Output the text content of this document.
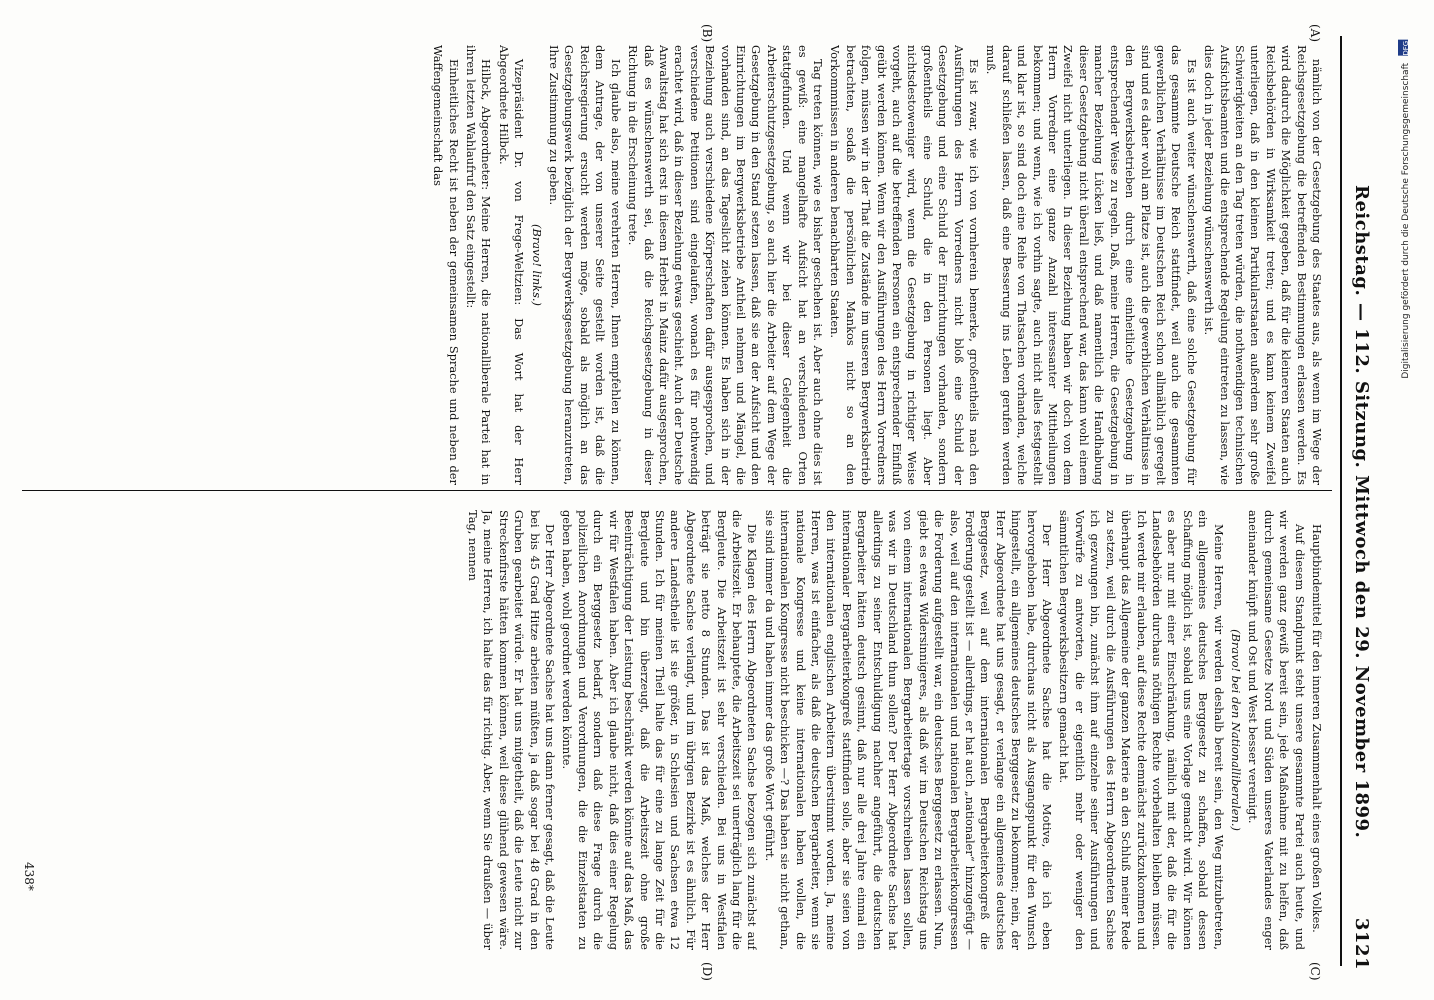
Reichstag. — 112. Sitzung. Mittwoch den 29. November 1899.
3121
(A)
(B)
(C)
(D)

nämlich von der Gesetzgebung des Staates aus, als wenn im Wege der Reichsgesetzgebung die betreffenden Bestimmungen erlassen werden. Es wird dadurch die Möglichkeit gegeben, daß für die kleineren Staaten auch Reichsbehörden in Wirksamkeit treten; und es kann keinem Zweifel unterliegen, daß in den kleinen Partikularstaaten außerdem sehr große Schwierigkeiten an den Tag treten würden, die nothwendigen technischen Aufsichtsbeamten und die entsprechende Regelung eintreten zu lassen, wie dies doch in jeder Beziehung wünschenswerth ist.

Es ist auch weiter wünschenswerth, daß eine solche Gesetzgebung für das gesammte Deutsche Reich stattfindet, weil auch die gesammten gewerblichen Verhältnisse im Deutschen Reich schon allmählich geregelt sind und es daher wohl am Platze ist, auch die gewerblichen Verhältnisse in den Bergwerksbetrieben durch eine einheitliche Gesetzgebung in entsprechender Weise zu regeln. Daß, meine Herren, die Gesetzgebung in mancher Beziehung Lücken ließ, und daß namentlich die Handhabung dieser Gesetzgebung nicht überall entsprechend war, das kann wohl einem Zweifel nicht unterliegen. In dieser Beziehung haben wir doch von dem Herrn Vorredner eine ganze Anzahl interessanter Mittheilungen bekommen; und wenn, wie ich vorhin sagte, auch nicht alles festgestellt und klar ist, so sind doch eine Reihe von Thatsachen vorhanden, welche darauf schließen lassen, daß eine Besserung ins Leben gerufen werden muß.

Es ist zwar, wie ich von vornherein bemerke, großentheils nach den Ausführungen des Herrn Vorredners nicht bloß eine Schuld der Gesetzgebung und eine Schuld der Einrichtungen vorhanden, sondern großentheils eine Schuld, die in den Personen liegt. Aber nichtsdestoweniger wird, wenn die Gesetzgebung in richtiger Weise vorgeht, auch auf die betreffenden Personen ein entsprechender Einfluß geübt werden können. Wenn wir den Ausführungen des Herrn Vorredners folgen, müssen wir in der That die Zustände im unseren Bergwerksbetrieb betrachten, sodaß die persönlichen Mankos nicht so an den Vorkommnissen in anderen benachbarten Staaten.

Tag treten können, wie es bisher geschehen ist. Aber auch ohne dies ist es gewiß: eine mangelhafte Aufsicht hat an verschiedenen Orten stattgefunden. Und wenn wir bei dieser Gelegenheit die Arbeiterschutzgesetzgebung, so auch hier die Arbeiter auf dem Wege der Gesetzgebung in den Stand setzen lassen, daß sie an der Aufsicht und den Einrichtungen im Bergwerksbetriebe Antheil nehmen und Mängel, die vorhanden sind, an das Tageslicht ziehen können. Es haben sich in der Beziehung auch verschiedene Körperschaften dafür ausgesprochen, und verschiedene Petitionen sind eingelaufen, wonach es für nothwendig erachtet wird, daß in dieser Beziehung etwas geschieht. Auch der Deutsche Anwaltstag hat sich erst in diesem Herbst in Mainz dafür ausgesprochen, daß es wünschenswerth sei, daß die Reichsgesetzgebung in dieser Richtung in die Erscheinung trete.

Ich glaube also, meine verehrten Herren, Ihnen empfehlen zu können, dem Antrage, der von unserer Seite gestellt worden ist, daß die Reichsregierung ersucht werden möge, sobald als möglich an das Gesetzgebungswerk bezüglich der Bergwerksgesetzgebung heranzutreten, Ihre Zustimmung zu geben.

(Bravo! links.)

Vizepräsident Dr. von Frege-Weltzien: Das Wort hat der Herr Abgeordnete Hilbck.

Hilbck, Abgeordneter: Meine Herren, die nationalliberale Partei hat in ihren letzten Wahlaufruf den Satz eingestellt:

Einheitliches Recht ist neben der gemeinsamen Sprache und neben der Waffengemeinschaft das

Hauptbindemittel für den inneren Zusammenhalt eines großen Volkes.

Auf diesem Standpunkt steht unsere gesammte Partei auch heute, und wir werden ganz gewiß bereit sein, jede Maßnahme mit zu helfen, daß durch gemeinsame Gesetze Nord und Süden unseres Vaterlandes enger aneinander knüpft und Ost und West besser vereinigt.

(Bravo! bei den Nationalliberalen.)

Meine Herren, wir werden deshalb bereit sein, den Weg mitzubetreten, ein allgemeines deutsches Berggesetz zu schaffen, sobald dessen Schaffung möglich ist, sobald uns eine Vorlage gemacht wird. Wir können es aber nur mit einer Einschränkung, nämlich mit der, daß die für die Landesbehörden durchaus nöthigen Rechte vorbehalten bleiben müssen. Ich werde mir erlauben, auf diese Rechte demnächst zurückzukommen und überhaupt das Allgemeine der ganzen Materie an den Schluß meiner Rede zu setzen, weil durch die Ausführungen des Herrn Abgeordneten Sachse ich gezwungen bin, zunächst ihm auf einzelne seiner Ausführungen und Vorwürfe zu antworten, die er eigentlich mehr oder weniger den sämmtlichen Bergwerksbesitzern gemacht hat.

Der Herr Abgeordnete Sachse hat die Motive, die ich eben hervorgehoben habe, durchaus nicht als Ausgangspunkt für den Wunsch hingestellt, ein allgemeines deutsches Berggesetz zu bekommen; nein, der Herr Abgeordnete hat uns gesagt, er verlange ein allgemeines deutsches Berggesetz, weil auf dem internationalen Bergarbeiterkongreß die Forderung gestellt ist — allerdings, er hat auch „nationaler“ hinzugefügt — also, weil auf den internationalen und nationalen Bergarbeiterkongressen die Forderung aufgestellt war, ein deutsches Berggesetz zu erlassen. Nun, giebt es etwas Widersinnigeres, als daß wir im Deutschen Reichstag uns von einem internationalen Bergarbeitertage vorschreiben lassen sollen, was wir in Deutschland thun sollen? Der Herr Abgeordnete Sachse hat allerdings zu seiner Entschuldigung nachher angeführt, die deutschen Bergarbeiter hätten deutsch gesinnt, daß nur alle drei Jahre einmal ein internationaler Bergarbeiterkongreß stattfinden solle, aber sie seien von den internationalen englischen Arbeitern überstimmt worden. Ja, meine Herren, was ist einfacher, als daß die deutschen Bergarbeiter, wenn sie nationale Kongresse und keine internationalen haben wollen, die internationalen Kongresse nicht beschicken —? Das haben sie nicht gethan, sie sind immer da und haben immer das große Wort geführt.

Die Klagen des Herrn Abgeordneten Sachse bezogen sich zunächst auf die Arbeitszeit. Er behauptete, die Arbeitszeit sei unerträglich lang für die Bergleute. Die Arbeitszeit ist sehr verschieden. Bei uns in Westfalen beträgt sie netto 8 Stunden. Das ist das Maß, welches der Herr Abgeordnete Sachse verlangt, und im übrigen Bezirke ist es ähnlich. Für andere Landestheile ist sie größer, in Schlesien und Sachsen etwa 12 Stunden. Ich für meinen Theil halte das für eine zu lange Zeit für die Bergleute und bin überzeugt, daß die Arbeitszeit ohne große Beeinträchtigung der Leistung beschränkt werden könnte auf das Maß, das wir für Westfalen haben. Aber ich glaube nicht, daß dies einer Regelung durch ein Berggesetz bedarf, sondern daß diese Frage durch die polizeilichen Anordnungen und Verordnungen, die die Einzelstaaten zu geben haben, wohl geordnet werden könnte.

Der Herr Abgeordnete Sachse hat uns dann ferner gesagt, daß die Leute bei bis 45 Grad Hitze arbeiten müßten, ja daß sogar bei 48 Grad in den Gruben gearbeitet würde. Er hat uns mitgetheilt, daß die Leute nicht zur Streckenfirste hätten kommen können, weil diese glühend gewesen wäre. Ja, meine Herren, ich halte das für richtig. Aber, wenn Sie draußen — über Tag, nennen

438*
Digitalisierung gefördert durch die Deutsche Forschungsgemeinschaft DFG
